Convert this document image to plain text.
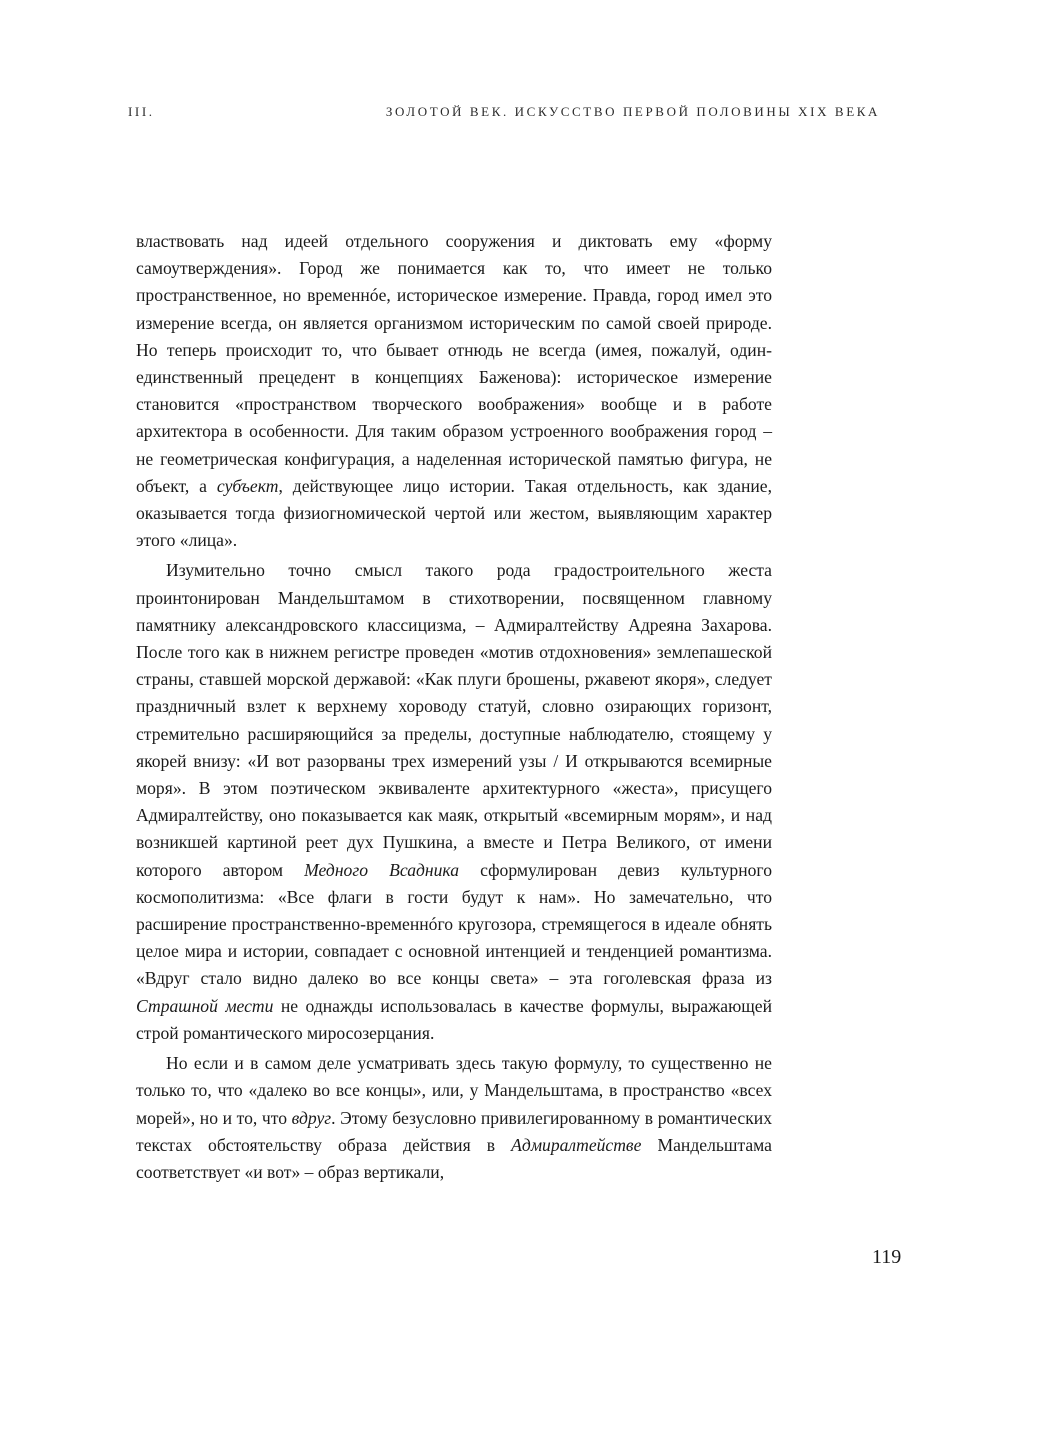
III.	ЗОЛОТОЙ ВЕК. ИСКУССТВО ПЕРВОЙ ПОЛОВИНЫ XIX ВЕКА

властвовать над идеей отдельного сооружения и диктовать ему «форму самоутверждения». Город же понимается как то, что имеет не только пространственное, но временнóе, историческое измерение. Правда, город имел это измерение всегда, он является организмом историческим по самой своей природе. Но теперь происходит то, что бывает отнюдь не всегда (имея, пожалуй, один-единственный прецедент в концепциях Баженова): историческое измерение становится «пространством творческого воображения» вообще и в работе архитектора в особенности. Для таким образом устроенного воображения город – не геометрическая конфигурация, а наделенная исторической памятью фигура, не объект, а субъект, действующее лицо истории. Такая отдельность, как здание, оказывается тогда физиогномической чертой или жестом, выявляющим характер этого «лица».

Изумительно точно смысл такого рода градостроительного жеста проинтонирован Мандельштамом в стихотворении, посвященном главному памятнику александровского классицизма, – Адмиралтейству Адреяна Захарова. После того как в нижнем регистре проведен «мотив отдохновения» землепашеской страны, ставшей морской державой: «Как плуги брошены, ржавеют якоря», следует праздничный взлет к верхнему хороводу статуй, словно озирающих горизонт, стремительно расширяющийся за пределы, доступные наблюдателю, стоящему у якорей внизу: «И вот разорваны трех измерений узы / И открываются всемирные моря». В этом поэтическом эквиваленте архитектурного «жеста», присущего Адмиралтейству, оно показывается как маяк, открытый «всемирным морям», и над возникшей картиной реет дух Пушкина, а вместе и Петра Великого, от имени которого автором Медного Всадника сформулирован девиз культурного космополитизма: «Все флаги в гости будут к нам». Но замечательно, что расширение пространственно-временнóго кругозора, стремящегося в идеале обнять целое мира и истории, совпадает с основной интенцией и тенденцией романтизма. «Вдруг стало видно далеко во все концы света» – эта гоголевская фраза из Страшной мести не однажды использовалась в качестве формулы, выражающей строй романтического миросозерцания.

Но если и в самом деле усматривать здесь такую формулу, то существенно не только то, что «далеко во все концы», или, у Мандельштама, в пространство «всех морей», но и то, что вдруг. Этому безусловно привилегированному в романтических текстах обстоятельству образа действия в Адмиралтействе Мандельштама соответствует «и вот» – образ вертикали,

119
